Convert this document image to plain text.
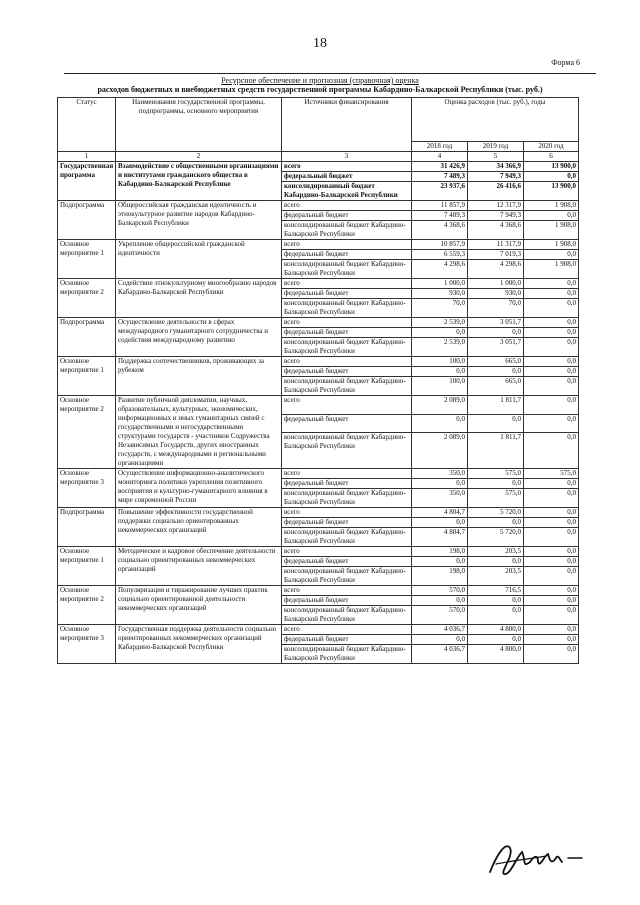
18
Форма 6
Ресурсное обеспечение и прогнозная (справочная) оценка
расходов бюджетных и внебюджетных средств государственной программы Кабардино-Балкарской Республики (тыс. руб.)
Статус	Наименования государственной программы, подпрограммы, основного мероприятия	Источники финансирования	Оценка расходов (тыс. руб.), годы		
			2018 год	2019 год	2020 год
1	2	3	4	5	6
Государственная программа	Взаимодействие с общественными организациями и институтами гражданского общества в Кабардино-Балкарской Республике	всего	31 426,9	34 366,9	13 900,0
		федеральный бюджет	7 489,3	7 949,3	0,0
		консолидированный бюджет Кабардино-Балкарской Республики	23 937,6	26 416,6	13 900,0
Подпрограмма	Общероссийская гражданская идентичность и этнокультурное развитие народов Кабардино-Балкарской Республики	всего	11 857,9	12 317,9	1 908,0
		федеральный бюджет	7 489,3	7 949,3	0,0
		консолидированный бюджет Кабардино-Балкарской Республики	4 368,6	4 368,6	1 908,0
Основное мероприятие 1	Укрепление общероссийской гражданской идентичности	всего	10 857,9	11 317,9	1 908,0
		федеральный бюджет	6 559,3	7 019,3	0,0
		консолидированный бюджет Кабардино-Балкарской Республики	4 298,6	4 298,6	1 908,0
Основное мероприятие 2	Содействие этнокультурному многообразию народов Кабардино-Балкарской Республики	всего	1 000,0	1 000,0	0,0
		федеральный бюджет	930,0	930,0	0,0
		консолидированный бюджет Кабардино-Балкарской Республики	70,0	70,0	0,0
Подпрограмма	Осуществление деятельности в сферах международного гуманитарного сотрудничества и содействия международному развитию	всего	2 539,0	3 051,7	0,0
		федеральный бюджет	0,0	0,0	0,0
		консолидированный бюджет Кабардино-Балкарской Республики	2 539,0	3 051,7	0,0
Основное мероприятие 1	Поддержка соотечественников, проживающих за рубежом	всего	100,0	665,0	0,0
		федеральный бюджет	0,0	0,0	0,0
		консолидированный бюджет Кабардино-Балкарской Республики	100,0	665,0	0,0
Основное мероприятие 2	Развитие публичной дипломатии, научных, образовательных, культурных, экономических, информационных и иных гуманитарных связей с государственными и негосударственными структурами государств - участников Содружества Независимых Государств, других иностранных государств, с международными и региональными организациями	всего	2 089,0	1 811,7	0,0
		федеральный бюджет	0,0	0,0	0,0
		консолидированный бюджет Кабардино-Балкарской Республики	2 089,0	1 811,7	0,0
Основное мероприятие 3	Осуществление информационно-аналитического мониторинга политики укрепления позитивного восприятия и культурно-гуманитарного влияния в мире современной России	всего	350,0	575,0	575,0
		федеральный бюджет	0,0	0,0	0,0
		консолидированный бюджет Кабардино-Балкарской Республики	350,0	575,0	0,0
Подпрограмма	Повышение эффективности государственной поддержки социально ориентированных некоммерческих организаций	всего	4 804,7	5 720,0	0,0
		федеральный бюджет	0,0	0,0	0,0
		консолидированный бюджет Кабардино-Балкарской Республики	4 804,7	5 720,0	0,0
Основное мероприятие 1	Методическое и кадровое обеспечение деятельности социально ориентированных некоммерческих организаций	всего	198,0	203,5	0,0
		федеральный бюджет	0,0	0,0	0,0
		консолидированный бюджет Кабардино-Балкарской Республики	198,0	203,5	0,0
Основное мероприятие 2	Популяризация и тиражирование лучших практик социально ориентированной деятельности некоммерческих организаций	всего	570,0	716,5	0,0
		федеральный бюджет	0,0	0,0	0,0
		консолидированный бюджет Кабардино-Балкарской Республики	570,0	0,0	0,0
Основное мероприятие 3	Государственная поддержка деятельности социально ориентированных некоммерческих организаций Кабардино-Балкарской Республики	всего	4 036,7	4 800,0	0,0
		федеральный бюджет	0,0	0,0	0,0
		консолидированный бюджет Кабардино-Балкарской Республики	4 036,7	4 800,0	0,0
